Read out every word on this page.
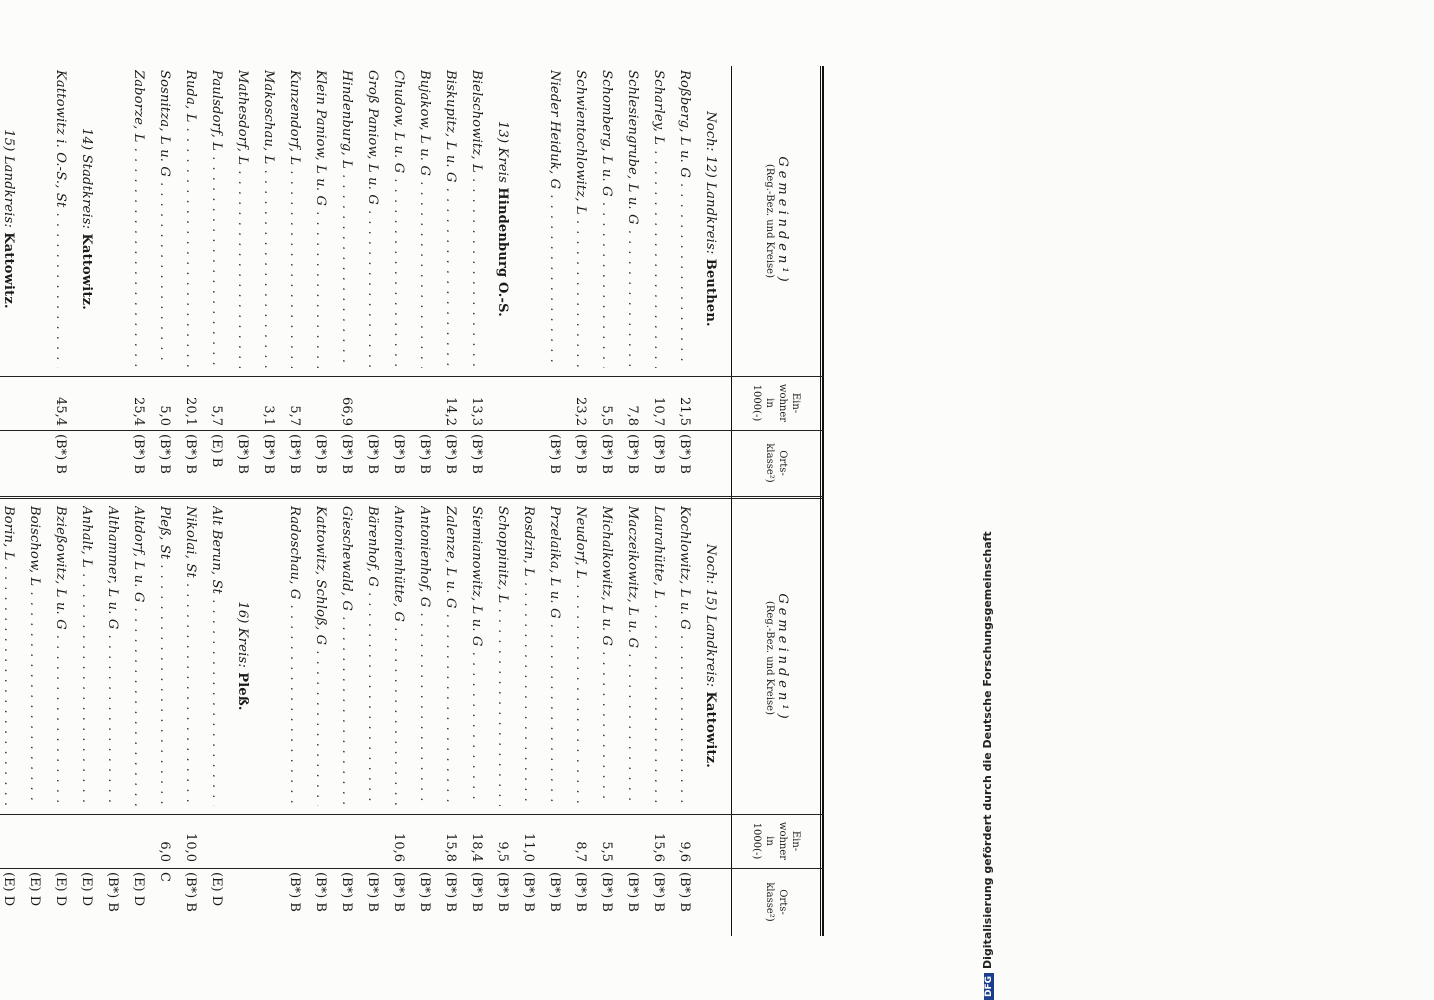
DFGDigitalisierung gefördert durch die Deutsche Forschungsgemeinschaft
Gemeinden¹)
(Reg.-Bez. und Kreise)
Ein-
wohner
in
1000(-)
Orts-
klasse²)
Gemeinden¹)
(Reg.-Bez. und Kreise)
Ein-
wohner
in
1000(-)
Orts-
klasse²)
Noch: 12) Landkreis: Beuthen.
Roßberg, L u. G . . .
21,5
(B*) B
Scharley, L . . .
10,7
(B*) B
Schlesiengrube, L u. G . . .
7,8
(B*) B
Schomberg, L u. G . . .
5,5
(B*) B
Schwientochlowitz, L . . .
23,2
(B*) B
Nieder Heiduk, G . . .
(B*) B
13) Kreis Hindenburg O.-S.
Bielschowitz, L . . .
13,3
(B*) B
Biskupitz, L u. G . . .
14,2
(B*) B
Bujakow, L u. G . . .
(B*) B
Chudow, L u. G . . .
(B*) B
Groß Paniow, L u. G . . .
(B*) B
Hindenburg, L . . .
66,9
(B*) B
Klein Paniow, L u. G . . .
(B*) B
Kunzendorf, L . . .
5,7
(B*) B
Makoschau, L . . .
3,1
(B*) B
Mathesdorf, L . . .
(B*) B
Paulsdorf, L . . .
5,7
(E) B
Ruda, L . . .
20,1
(B*) B
Sosnitza, L u. G . . .
5,0
(B*) B
Zaborze, L . . .
25,4
(B*) B
14) Stadtkreis: Kattowitz.
Kattowitz i. O.-S., St . . .
45,4
(B*) B
15) Landkreis: Kattowitz.
Noch: 15) Landkreis: Kattowitz.
Kochlowitz, L u. G . . .
9,6
(B*) B
Laurahütte, L . . .
15,6
(B*) B
Maczeikowitz, L u. G . . .
(B*) B
Michalkowitz, L u. G . . .
5,5
(B*) B
Neudorf, L . . .
8,7
(B*) B
Przelaika, L u. G . . .
(B*) B
Rosdzin, L . . .
11,0
(B*) B
Schoppinitz, L . . .
9,5
(B*) B
Siemianowitz, L u. G . . .
18,4
(B*) B
Zalenze, L u. G . . .
15,8
(B*) B
Antonienhof, G . . .
(B*) B
Antonienhütte, G . . .
10,6
(B*) B
Bärenhof, G . . .
(B*) B
Gieschewald, G . . .
(B*) B
Kattowitz, Schloß, G . . .
(B*) B
Radoschau, G . . .
(B*) B
16) Kreis: Pleß.
Alt Berun, St . . .
(E) D
Nikolai, St . . .
10,0
(B*) B
Pleß, St . . .
6,0
C
Altdorf, L u. G . . .
(E) D
Althammer, L u. G . . .
(B*) B
Anhalt, L . . .
(E) D
Bzießowitz, L u. G . . .
(E) D
Boischow, L . . .
(E) D
Borin, L . . .
(E) D
